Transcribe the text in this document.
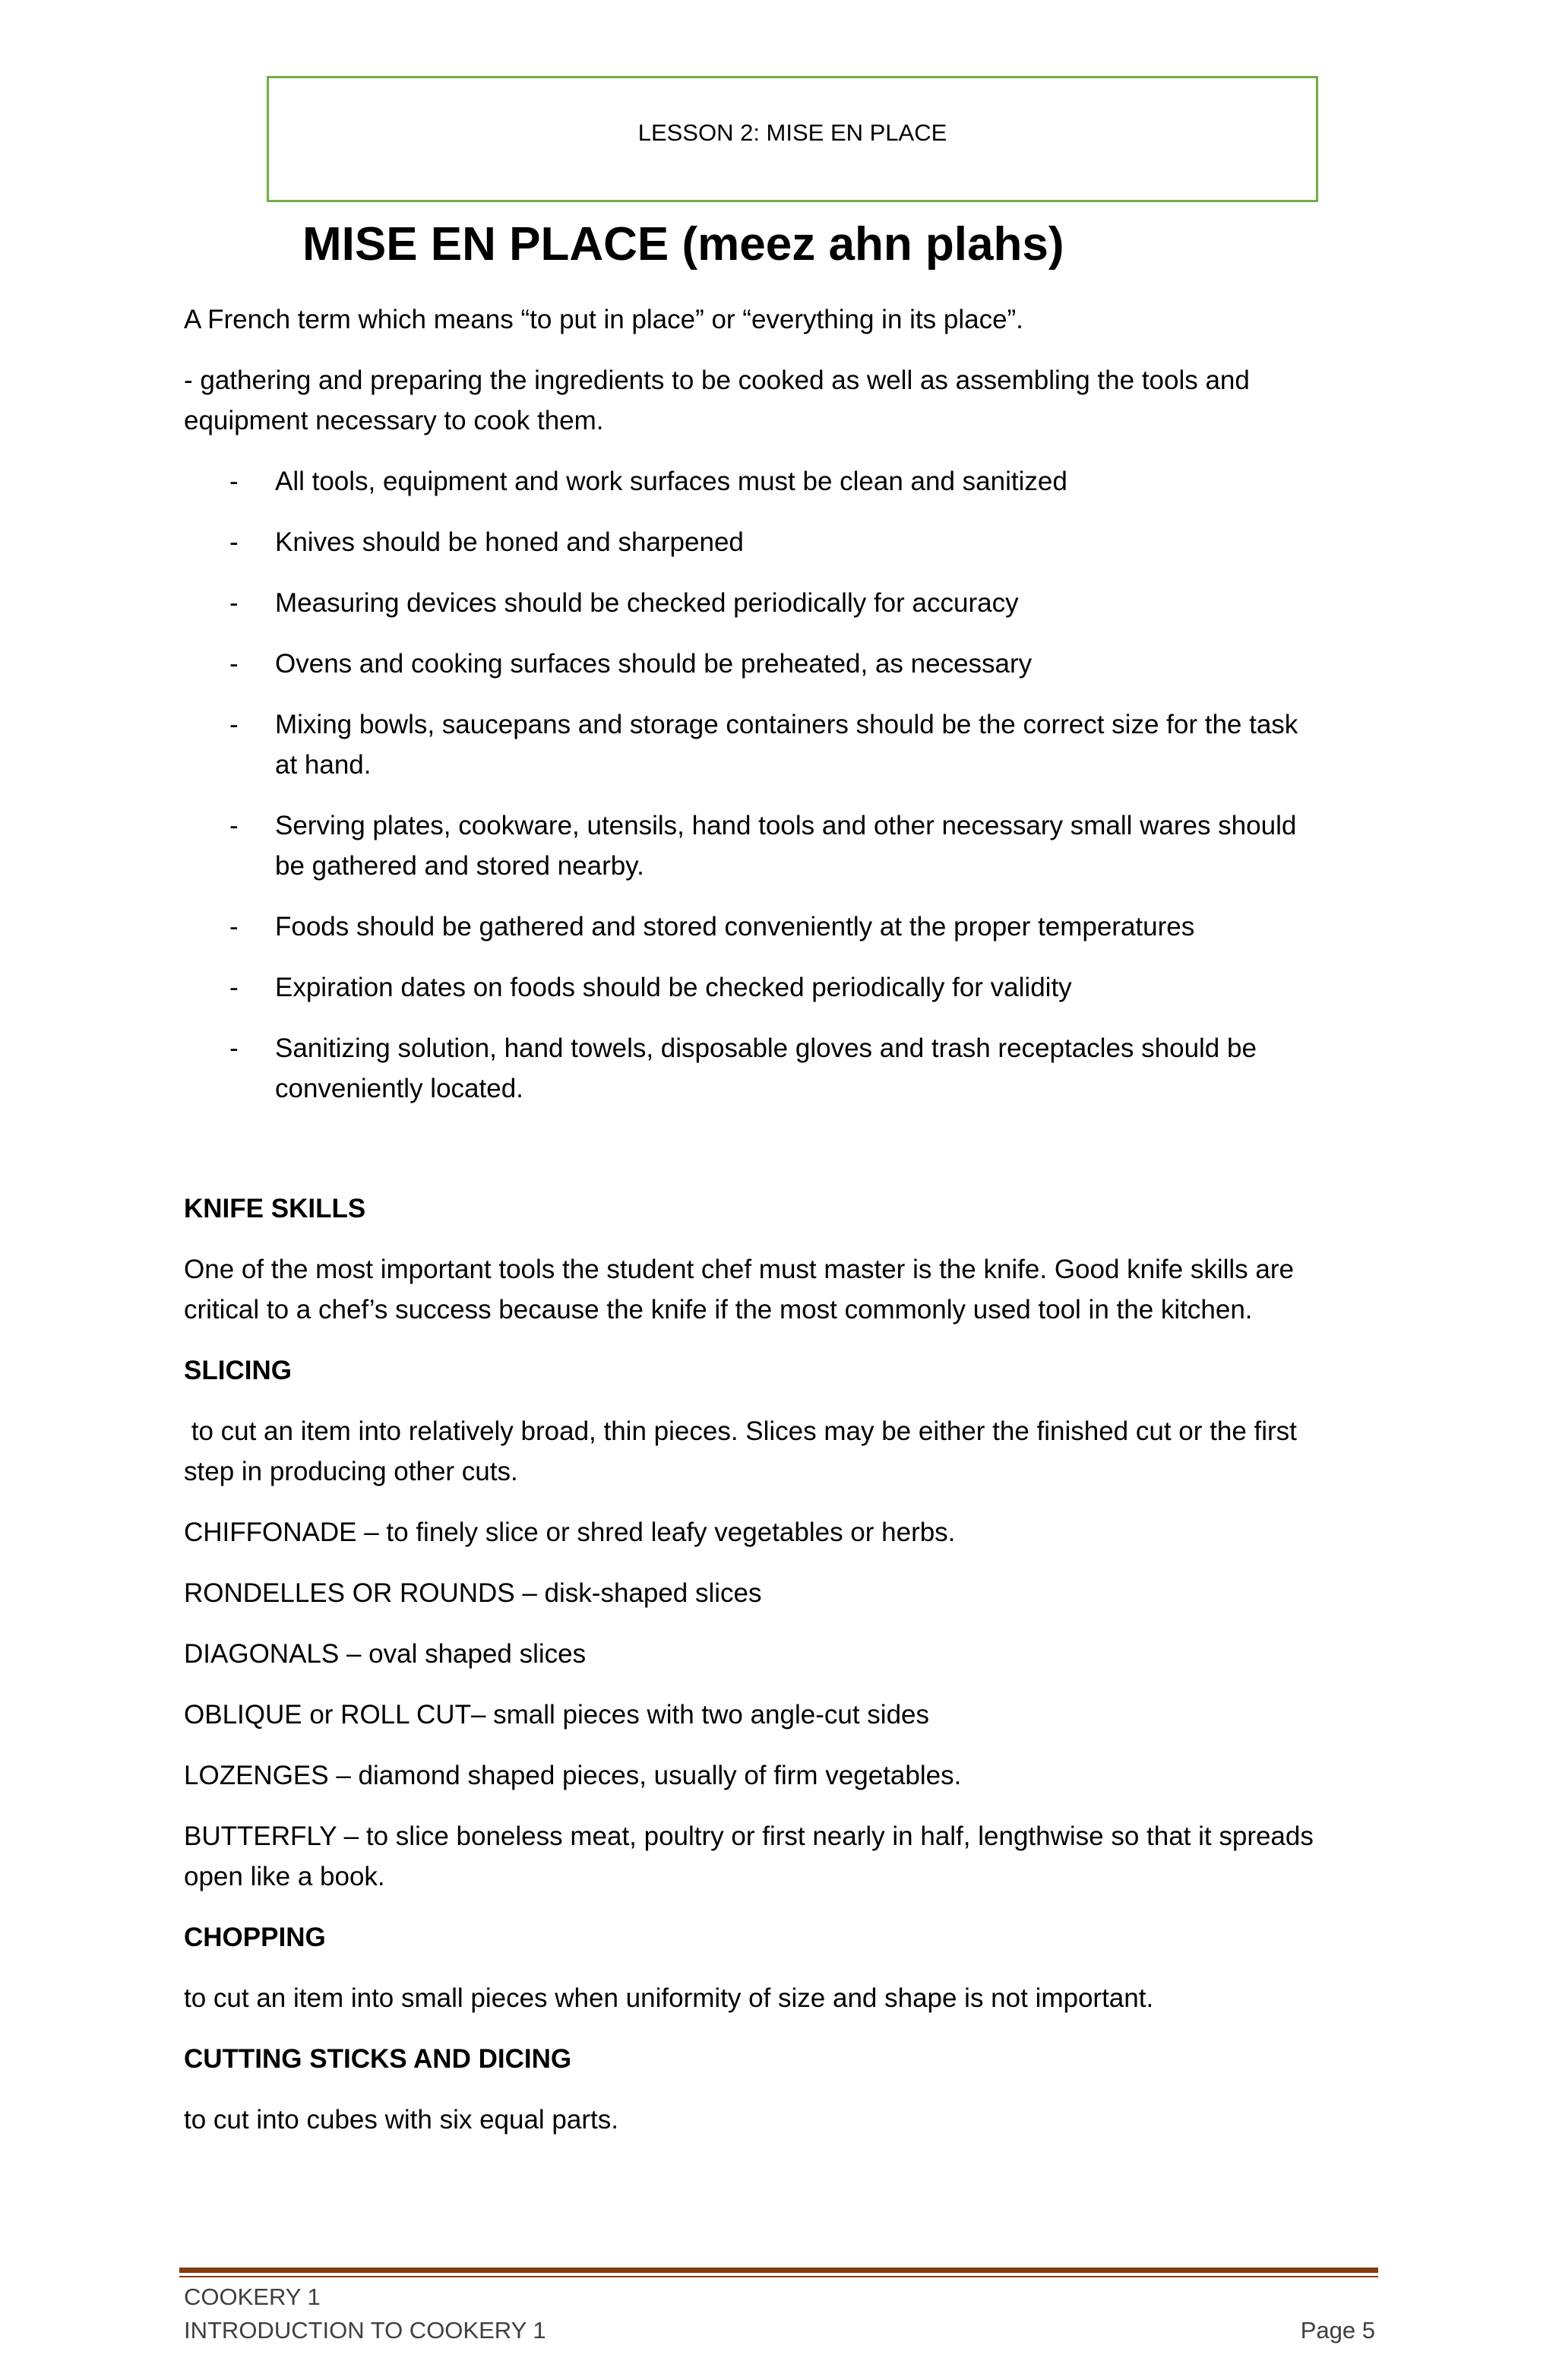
LESSON 2: MISE EN PLACE
MISE EN PLACE (meez ahn plahs)
A French term which means “to put in place” or “everything in its place”.
- gathering and preparing the ingredients to be cooked as well as assembling the tools and
equipment necessary to cook them.
- All tools, equipment and work surfaces must be clean and sanitized
- Knives should be honed and sharpened
- Measuring devices should be checked periodically for accuracy
- Ovens and cooking surfaces should be preheated, as necessary
- Mixing bowls, saucepans and storage containers should be the correct size for the task
at hand.
- Serving plates, cookware, utensils, hand tools and other necessary small wares should
be gathered and stored nearby.
- Foods should be gathered and stored conveniently at the proper temperatures
- Expiration dates on foods should be checked periodically for validity
- Sanitizing solution, hand towels, disposable gloves and trash receptacles should be
conveniently located.
KNIFE SKILLS
One of the most important tools the student chef must master is the knife. Good knife skills are
critical to a chef’s success because the knife if the most commonly used tool in the kitchen.
SLICING
to cut an item into relatively broad, thin pieces. Slices may be either the finished cut or the first
step in producing other cuts.
CHIFFONADE – to finely slice or shred leafy vegetables or herbs.
RONDELLES OR ROUNDS – disk-shaped slices
DIAGONALS – oval shaped slices
OBLIQUE or ROLL CUT– small pieces with two angle-cut sides
LOZENGES – diamond shaped pieces, usually of firm vegetables.
BUTTERFLY – to slice boneless meat, poultry or first nearly in half, lengthwise so that it spreads
open like a book.
CHOPPING
to cut an item into small pieces when uniformity of size and shape is not important.
CUTTING STICKS AND DICING
to cut into cubes with six equal parts.
COOKERY 1
INTRODUCTION TO COOKERY 1	Page 5
